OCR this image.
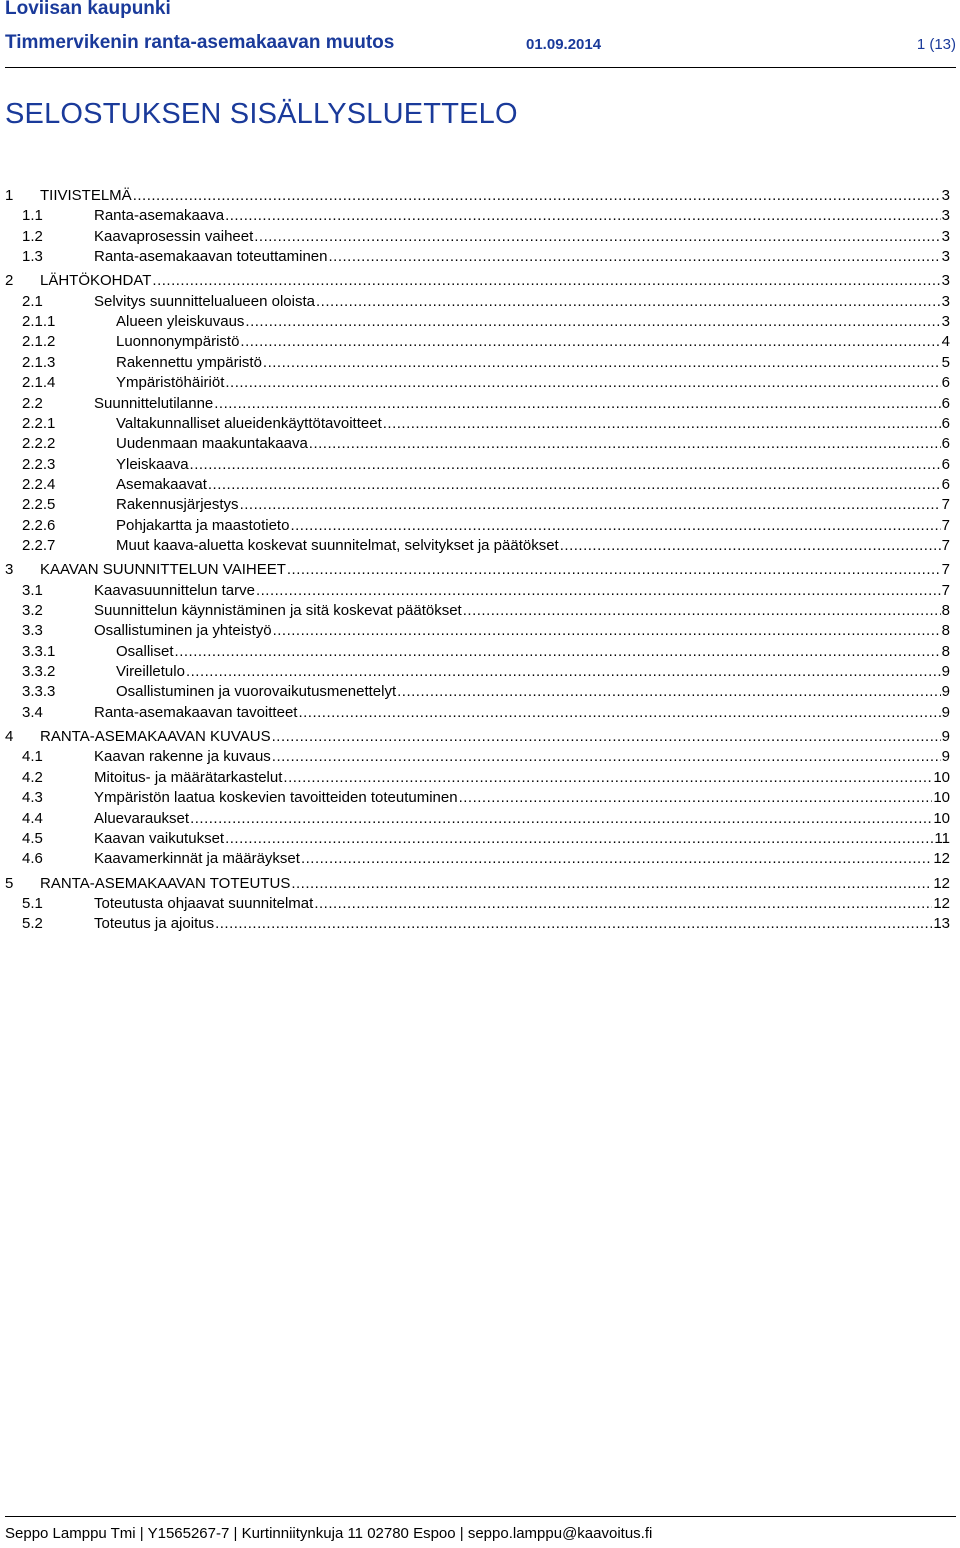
Loviisan kaupunki
Timmervikenin ranta-asemakaavan muutos	01.09.2014	1 (13)
SELOSTUKSEN SISÄLLYSLUETTELO
1 TIIVISTELMÄ .....	3
1.1	Ranta-asemakaava .....	3
1.2	Kaavaprosessin vaiheet .....	3
1.3	Ranta-asemakaavan toteuttaminen .....	3
2 LÄHTÖKOHDAT .....	3
2.1	Selvitys suunnittelualueen oloista .....	3
2.1.1	Alueen yleiskuvaus .....	3
2.1.2	Luonnonympäristö .....	4
2.1.3	Rakennettu ympäristö .....	5
2.1.4	Ympäristöhäiriöt .....	6
2.2	Suunnittelutilanne .....	6
2.2.1	Valtakunnalliset alueidenkäyttötavoitteet .....	6
2.2.2	Uudenmaan maakuntakaava .....	6
2.2.3	Yleiskaava .....	6
2.2.4	Asemakaavat .....	6
2.2.5	Rakennusjärjestys .....	7
2.2.6	Pohjakartta ja maastotieto .....	7
2.2.7	Muut kaava-aluetta koskevat suunnitelmat, selvitykset ja päätökset .....	7
3 KAAVAN SUUNNITTELUN VAIHEET .....	7
3.1	Kaavasuunnittelun tarve .....	7
3.2	Suunnittelun käynnistäminen ja sitä koskevat päätökset .....	8
3.3	Osallistuminen ja yhteistyö .....	8
3.3.1	Osalliset .....	8
3.3.2	Vireilletulo .....	9
3.3.3	Osallistuminen ja vuorovaikutusmenettelyt .....	9
3.4	Ranta-asemakaavan tavoitteet .....	9
4 RANTA-ASEMAKAAVAN KUVAUS .....	9
4.1	Kaavan rakenne ja kuvaus .....	9
4.2	Mitoitus- ja määrätarkastelut .....	10
4.3	Ympäristön laatua koskevien tavoitteiden toteutuminen .....	10
4.4	Aluevaraukset .....	10
4.5	Kaavan vaikutukset .....	11
4.6	Kaavamerkinnät ja määräykset .....	12
5 RANTA-ASEMAKAAVAN TOTEUTUS .....	12
5.1	Toteutusta ohjaavat suunnitelmat .....	12
5.2	Toteutus ja ajoitus .....	13
Seppo Lamppu Tmi | Y1565267-7 | Kurtinniitynkuja 11 02780 Espoo | seppo.lamppu@kaavoitus.fi
